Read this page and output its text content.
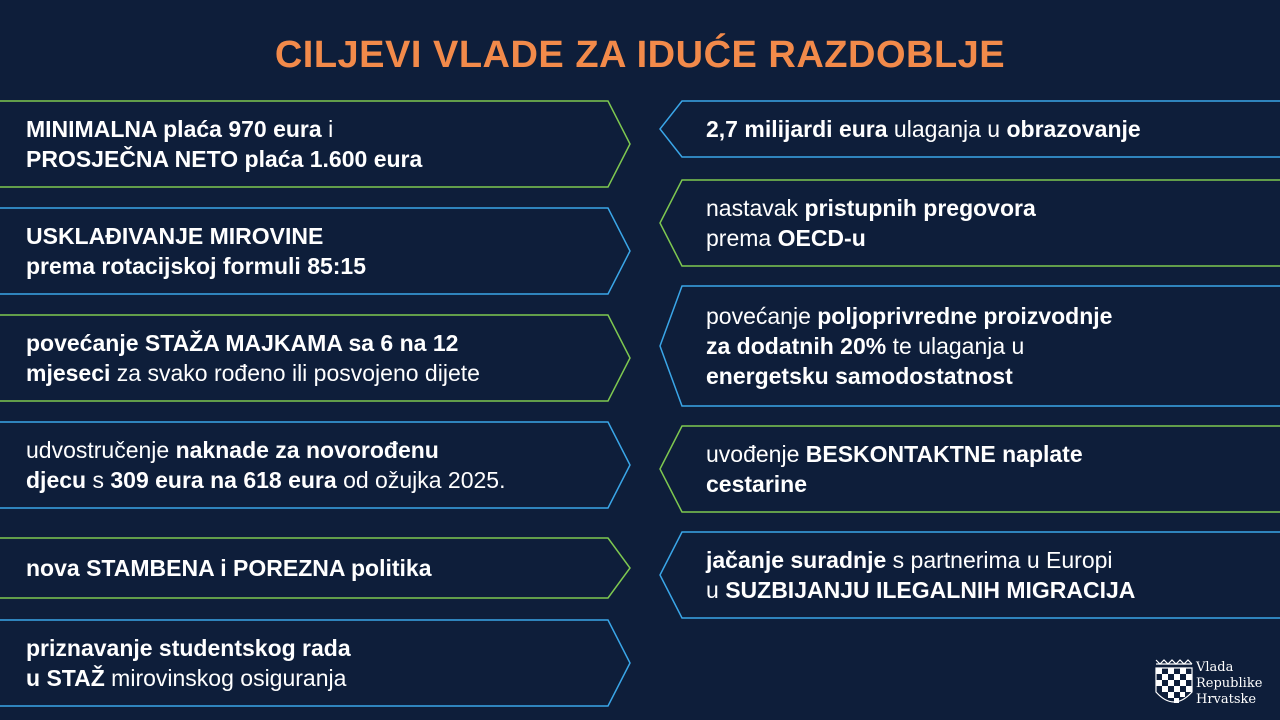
CILJEVI VLADE ZA IDUĆE RAZDOBLJE
MINIMALNA plaća 970 eura i
PROSJEČNA NETO plaća 1.600 eura
USKLAĐIVANJE MIROVINE
prema rotacijskoj formuli 85:15
povećanje STAŽA MAJKAMA sa 6 na 12
mjeseci za svako rođeno ili posvojeno dijete
udvostručenje naknade za novorođenu
djecu s 309 eura na 618 eura od ožujka 2025.
nova STAMBENA i POREZNA politika
priznavanje studentskog rada
u STAŽ mirovinskog osiguranja
2,7 milijardi eura ulaganja u obrazovanje
nastavak pristupnih pregovora
prema OECD-u
povećanje poljoprivredne proizvodnje
za dodatnih 20% te ulaganja u
energetsku samodostatnost
uvođenje BESKONTAKTNE naplate
cestarine
jačanje suradnje s partnerima u Europi
u SUZBIJANJU ILEGALNIH MIGRACIJA
Vlada
Republike
Hrvatske
